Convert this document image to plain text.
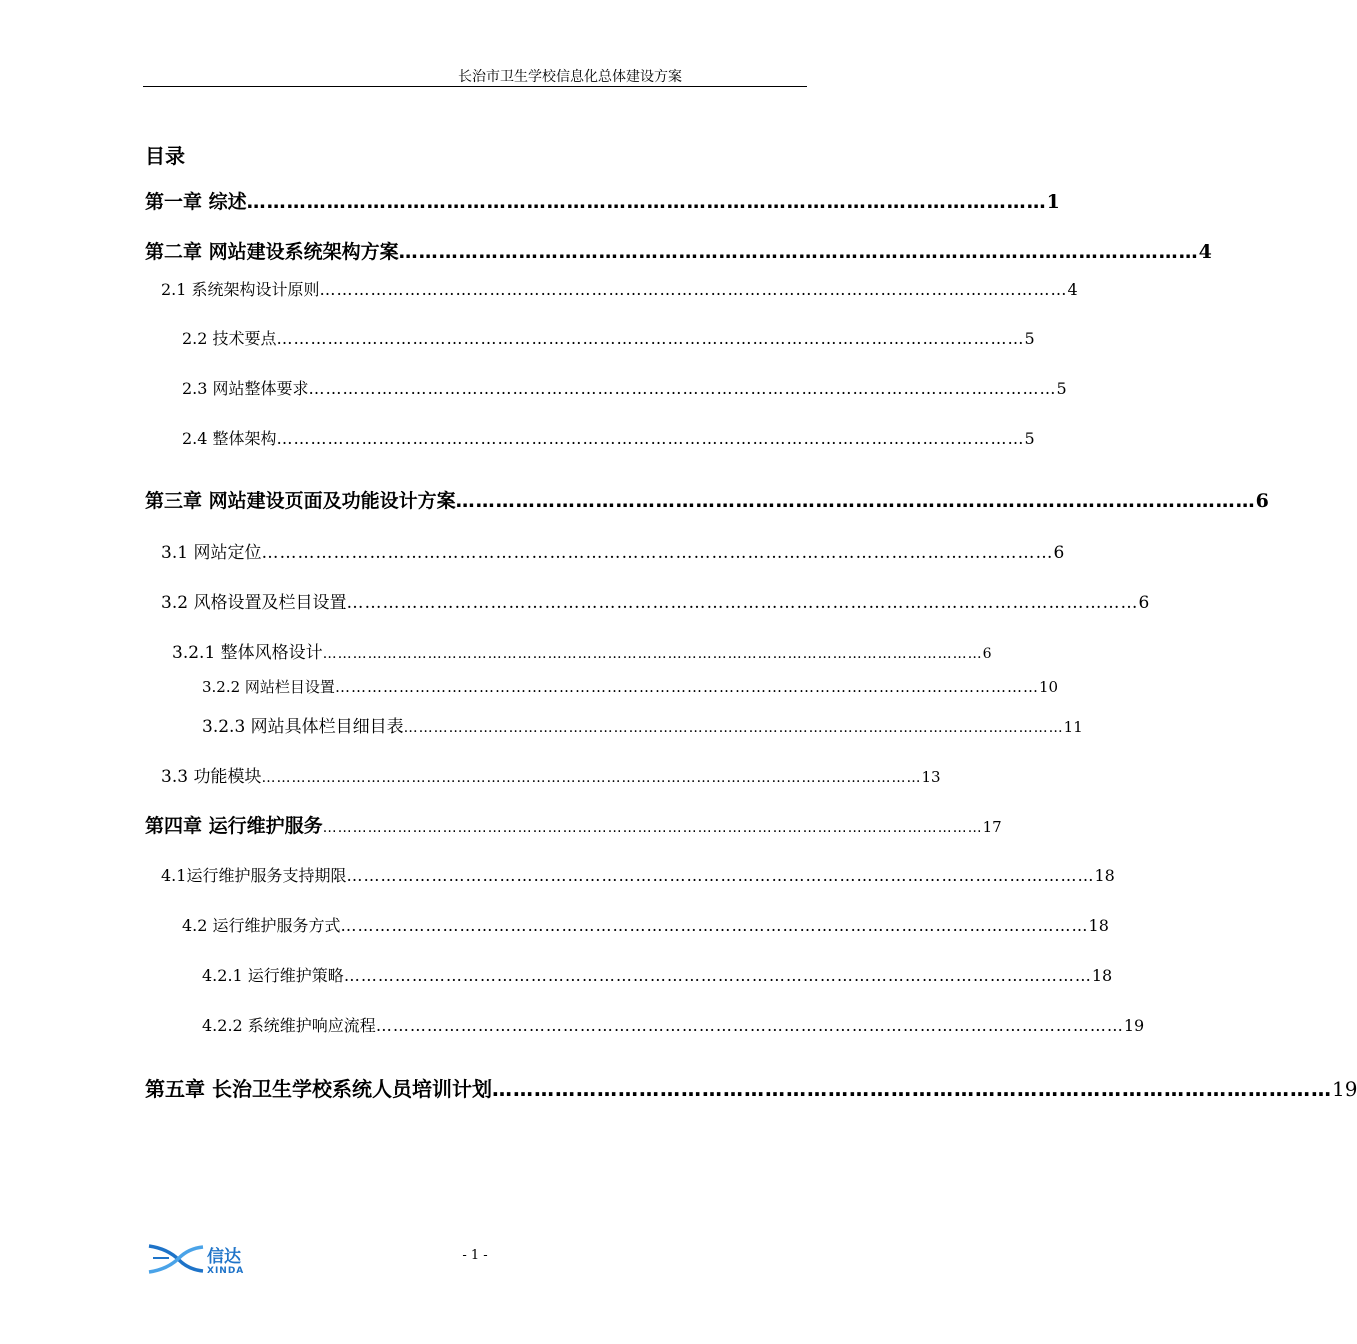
长治市卫生学校信息化总体建设方案
目录
第一章 综述 ………………………………………………………………………………………………………… 1
第二章 网站建设系统架构方案 ………………………………………………………………………………………………………… 4
2.1 系统架构设计原则 …………………………………………………………………………………………………………………… 4
2.2 技术要点 …………………………………………………………………………………………………………………… 5
2.3 网站整体要求 …………………………………………………………………………………………………………………… 5
2.4 整体架构 …………………………………………………………………………………………………………………… 5
第三章 网站建设页面及功能设计方案 ………………………………………………………………………………………………………… 6
3.1 网站定位 …………………………………………………………………………………………………………………… 6
3.2 风格设置及栏目设置 …………………………………………………………………………………………………………………… 6
3.2.1 整体风格设计 …………………………………………………………………………………………………………………… 6
3.2.2 网站栏目设置 …………………………………………………………………………………………………………………… 10
3.2.3 网站具体栏目细目表 …………………………………………………………………………………………………………………… 11
3.3 功能模块 …………………………………………………………………………………………………………………… 13
第四章 运行维护服务 …………………………………………………………………………………………………………………… 17
4.1运行维护服务支持期限 …………………………………………………………………………………………………………………… 18
4.2 运行维护服务方式 …………………………………………………………………………………………………………………… 18
4.2.1 运行维护策略 …………………………………………………………………………………………………………………… 18
4.2.2 系统维护响应流程 …………………………………………………………………………………………………………………… 19
第五章 长治卫生学校系统人员培训计划 ………………………………………………………………………………………………………… 19
信达
XINDA
- 1 -
